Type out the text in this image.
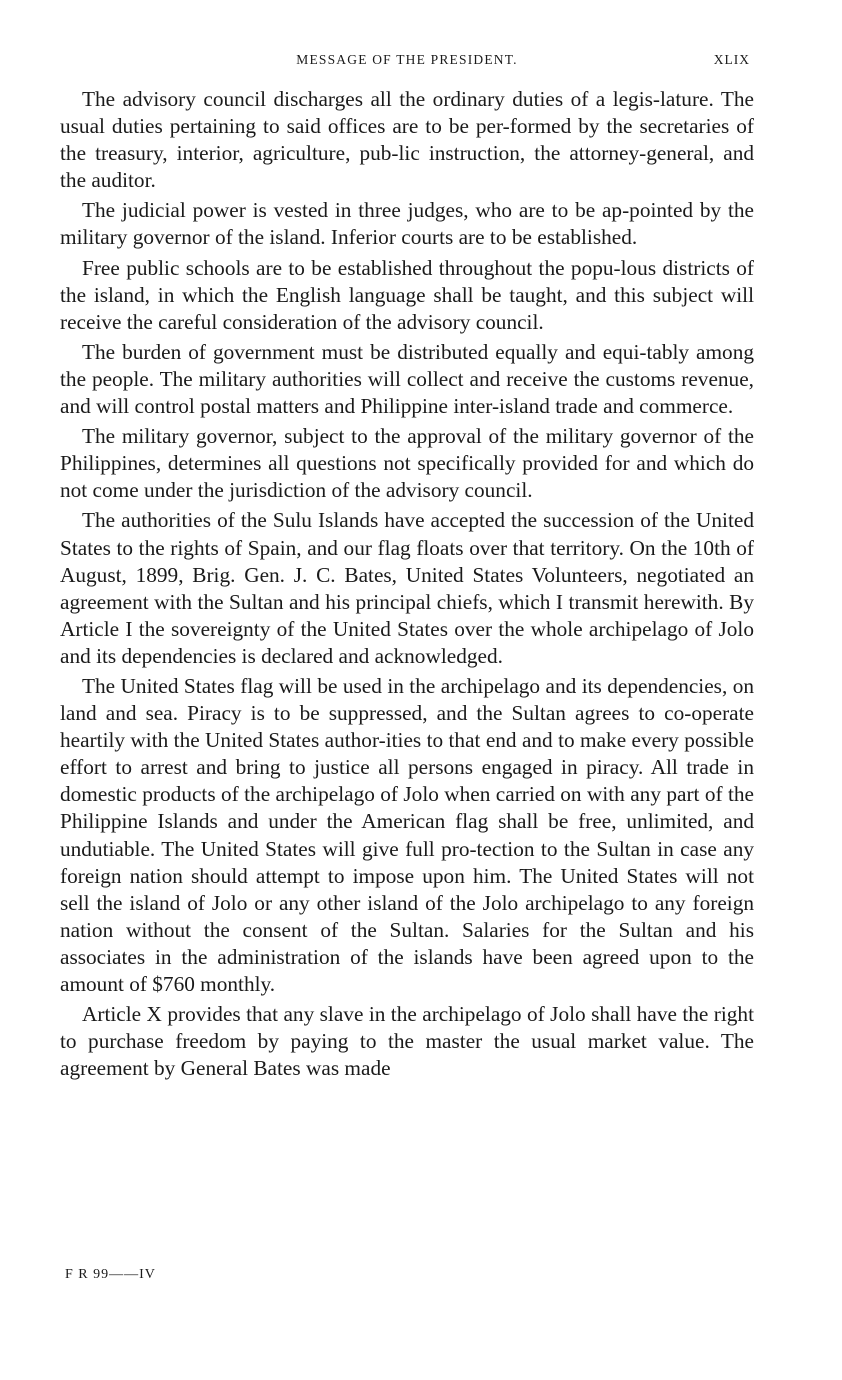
MESSAGE OF THE PRESIDENT.	XLIX

The advisory council discharges all the ordinary duties of a legis-lature. The usual duties pertaining to said offices are to be per-formed by the secretaries of the treasury, interior, agriculture, pub-lic instruction, the attorney-general, and the auditor.

The judicial power is vested in three judges, who are to be ap-pointed by the military governor of the island. Inferior courts are to be established.

Free public schools are to be established throughout the popu-lous districts of the island, in which the English language shall be taught, and this subject will receive the careful consideration of the advisory council.

The burden of government must be distributed equally and equi-tably among the people. The military authorities will collect and receive the customs revenue, and will control postal matters and Philippine inter-island trade and commerce.

The military governor, subject to the approval of the military governor of the Philippines, determines all questions not specifically provided for and which do not come under the jurisdiction of the advisory council.

The authorities of the Sulu Islands have accepted the succession of the United States to the rights of Spain, and our flag floats over that territory. On the 10th of August, 1899, Brig. Gen. J. C. Bates, United States Volunteers, negotiated an agreement with the Sultan and his principal chiefs, which I transmit herewith. By Article I the sovereignty of the United States over the whole archipelago of Jolo and its dependencies is declared and acknowledged.

The United States flag will be used in the archipelago and its dependencies, on land and sea. Piracy is to be suppressed, and the Sultan agrees to co-operate heartily with the United States author-ities to that end and to make every possible effort to arrest and bring to justice all persons engaged in piracy. All trade in domestic products of the archipelago of Jolo when carried on with any part of the Philippine Islands and under the American flag shall be free, unlimited, and undutiable. The United States will give full pro-tection to the Sultan in case any foreign nation should attempt to impose upon him. The United States will not sell the island of Jolo or any other island of the Jolo archipelago to any foreign nation without the consent of the Sultan. Salaries for the Sultan and his associates in the administration of the islands have been agreed upon to the amount of $760 monthly.

Article X provides that any slave in the archipelago of Jolo shall have the right to purchase freedom by paying to the master the usual market value. The agreement by General Bates was made

F R 99——IV
